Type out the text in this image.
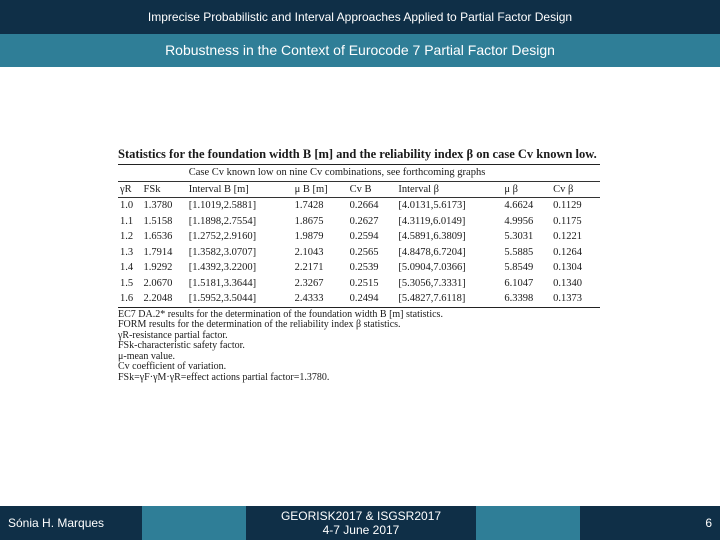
Imprecise Probabilistic and Interval Approaches Applied to Partial Factor Design
Robustness in the Context of Eurocode 7 Partial Factor Design
Statistics for the foundation width B [m] and the reliability index β on case Cv known low.
		Case Cv known low on nine Cv combinations, see forthcoming graphs					
γR	FSk	Interval B [m]	μ B [m]	Cv B	Interval β	μ β	Cv β
1.0	1.3780	[1.1019,2.5881]	1.7428	0.2664	[4.0131,5.6173]	4.6624	0.1129
1.1	1.5158	[1.1898,2.7554]	1.8675	0.2627	[4.3119,6.0149]	4.9956	0.1175
1.2	1.6536	[1.2752,2.9160]	1.9879	0.2594	[4.5891,6.3809]	5.3031	0.1221
1.3	1.7914	[1.3582,3.0707]	2.1043	0.2565	[4.8478,6.7204]	5.5885	0.1264
1.4	1.9292	[1.4392,3.2200]	2.2171	0.2539	[5.0904,7.0366]	5.8549	0.1304
1.5	2.0670	[1.5181,3.3644]	2.3267	0.2515	[5.3056,7.3331]	6.1047	0.1340
1.6	2.2048	[1.5952,3.5044]	2.4333	0.2494	[5.4827,7.6118]	6.3398	0.1373
EC7 DA.2* results for the determination of the foundation width B [m] statistics.
FORM results for the determination of the reliability index β statistics.
γR-resistance partial factor.
FSk-characteristic safety factor.
μ-mean value.
Cv coefficient of variation.
FSk=γF·γM·γR=effect actions partial factor=1.3780.
Sónia H. Marques	GEORISK2017 & ISGSR2017
4-7 June 2017	6
